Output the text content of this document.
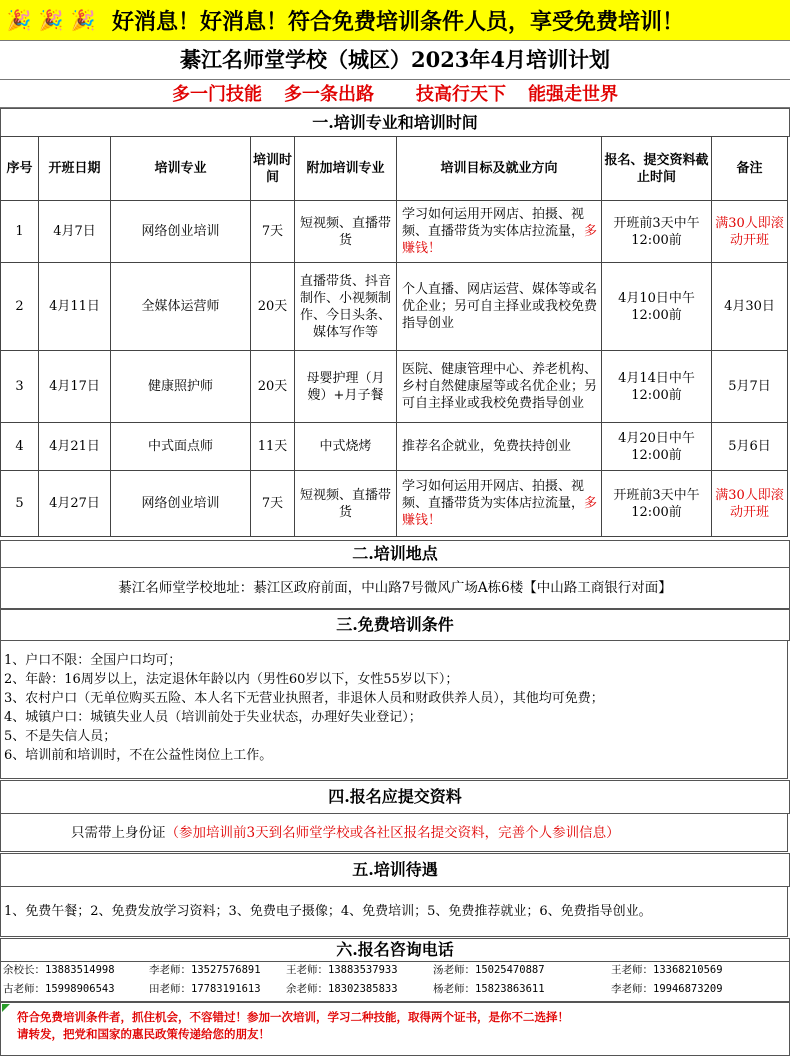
🎉 🎉 🎉 好消息！好消息！符合免费培训条件人员，享受免费培训！
綦江名师堂学校（城区）2023年4月培训计划
多一门技能 多一条出路 技高行天下 能强走世界
一.培训专业和培训时间
序号	开班日期	培训专业	培训时间	附加培训专业	培训目标及就业方向	报名、提交资料截止时间	备注
1	4月7日	网络创业培训	7天	短视频、直播带货	学习如何运用开网店、拍摄、视频、直播带货为实体店拉流量，多赚钱！	开班前3天中午12:00前	满30人即滚动开班
2	4月11日	全媒体运营师	20天	直播带货、抖音制作、小视频制作、今日头条、媒体写作等	个人直播、网店运营、媒体等或名优企业；另可自主择业或我校免费指导创业	4月10日中午12:00前	4月30日
3	4月17日	健康照护师	20天	母婴护理（月嫂）+月子餐	医院、健康管理中心、养老机构、乡村自然健康屋等或名优企业；另可自主择业或我校免费指导创业	4月14日中午12:00前	5月7日
4	4月21日	中式面点师	11天	中式烧烤	推荐名企就业，免费扶持创业	4月20日中午12:00前	5月6日
5	4月27日	网络创业培训	7天	短视频、直播带货	学习如何运用开网店、拍摄、视频、直播带货为实体店拉流量，多赚钱！	开班前3天中午12:00前	满30人即滚动开班
二.培训地点
綦江名师堂学校地址：綦江区政府前面，中山路7号微风广场A栋6楼【中山路工商银行对面】
三.免费培训条件
1、户口不限：全国户口均可；
2、年龄：16周岁以上，法定退休年龄以内（男性60岁以下，女性55岁以下）；
3、农村户口（无单位购买五险、本人名下无营业执照者，非退休人员和财政供养人员），其他均可免费；
4、城镇户口：城镇失业人员（培训前处于失业状态，办理好失业登记）；
5、不是失信人员；
6、培训前和培训时，不在公益性岗位上工作。
四.报名应提交资料
只需带上身份证（参加培训前3天到名师堂学校或各社区报名提交资料，完善个人参训信息）
五.培训待遇
1、免费午餐；2、免费发放学习资料；3、免费电子摄像；4、免费培训；5、免费推荐就业；6、免费指导创业。
六.报名咨询电话
余校长：13883514998	李老师：13527576891 王老师：13883537933	汤老师：15025470887	王老师：13368210569
古老师：15998906543	田老师：17783191613 余老师：18302385833	杨老师：15823863611	李老师：19946873209
符合免费培训条件者，抓住机会，不容错过！参加一次培训，学习二种技能，取得两个证书，是你不二选择！
请转发，把党和国家的惠民政策传递给您的朋友！
